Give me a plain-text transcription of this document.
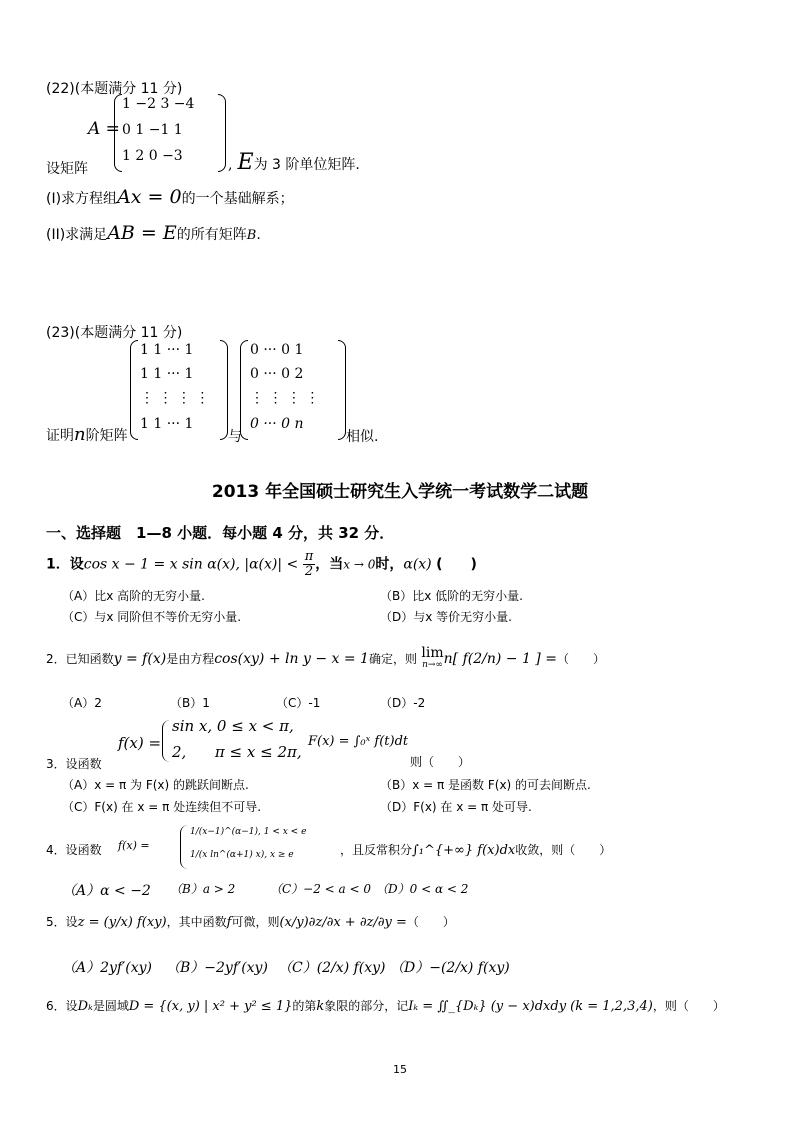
(22)(本题满分 11 分)
A =
1 −2 3 −4
0 1 −1 1
1 2 0 −3
设矩阵	, E为 3 阶单位矩阵.
(I)求方程组Ax = 0的一个基础解系；
(II)求满足AB = E的所有矩阵B.
(23)(本题满分 11 分)
1 1 ··· 1
1 1 ··· 1
⋮ ⋮ ⋮ ⋮
1 1 ··· 1
0 ··· 0 1
0 ··· 0 2
⋮ ⋮ ⋮ ⋮
0 ··· 0 n
证明n阶矩阵	与	相似.
2013 年全国硕士研究生入学统一考试数学二试题
一、选择题　1—8 小题．每小题 4 分，共 32 分．
1．设cos x − 1 = x sin α(x), $|\alpha(x)| < \frac{\pi}{2}$ ，当x → 0时，α(x) (　　)
（A）比x 高阶的无穷小量.	（B）比x 低阶的无穷小量.
（C）与x 同阶但不等价无穷小量.	（D）与x 等价无穷小量.
2．已知函数y = f(x)是由方程cos(xy) + ln y − x = 1确定，则 lim
n→∞ n[ f(2/n) − 1 ] =（　　）
（A）2	（B）1	（C）-1	（D）-2
f(x) =
sin x, 0 ≤ x < π,
2,      π ≤ x ≤ 2π,
F(x) = ∫₀ˣ f(t)dt
3．设函数	则（　　）
（A）x = π 为 F(x) 的跳跃间断点.	（B）x = π 是函数 F(x) 的可去间断点.
（C）F(x) 在 x = π 处连续但不可导.	（D）F(x) 在 x = π 处可导.
4．设函数 f(x) =
1/(x−1)^(α−1), 1 < x < e
1/(x ln^(α+1) x), x ≥ e	，且反常积分∫₁^{+∞} f(x)dx收敛，则（　　）
（A）α < −2 （B）a > 2	（C）−2 < a < 0 （D）0 < α < 2
5．设z = (y/x) f(xy)，其中函数f可微，则(x/y)∂z/∂x + ∂z/∂y =（　　）
（A）2yf′(xy) （B）−2yf′(xy) （C）(2/x) f(xy) （D）−(2/x) f(xy)
6．设Dₖ是圆域D = {(x, y) | x² + y² ≤ 1}的第k象限的部分，记Iₖ = ∬_{Dₖ} (y − x)dxdy (k = 1,2,3,4)，则（　　）
15
